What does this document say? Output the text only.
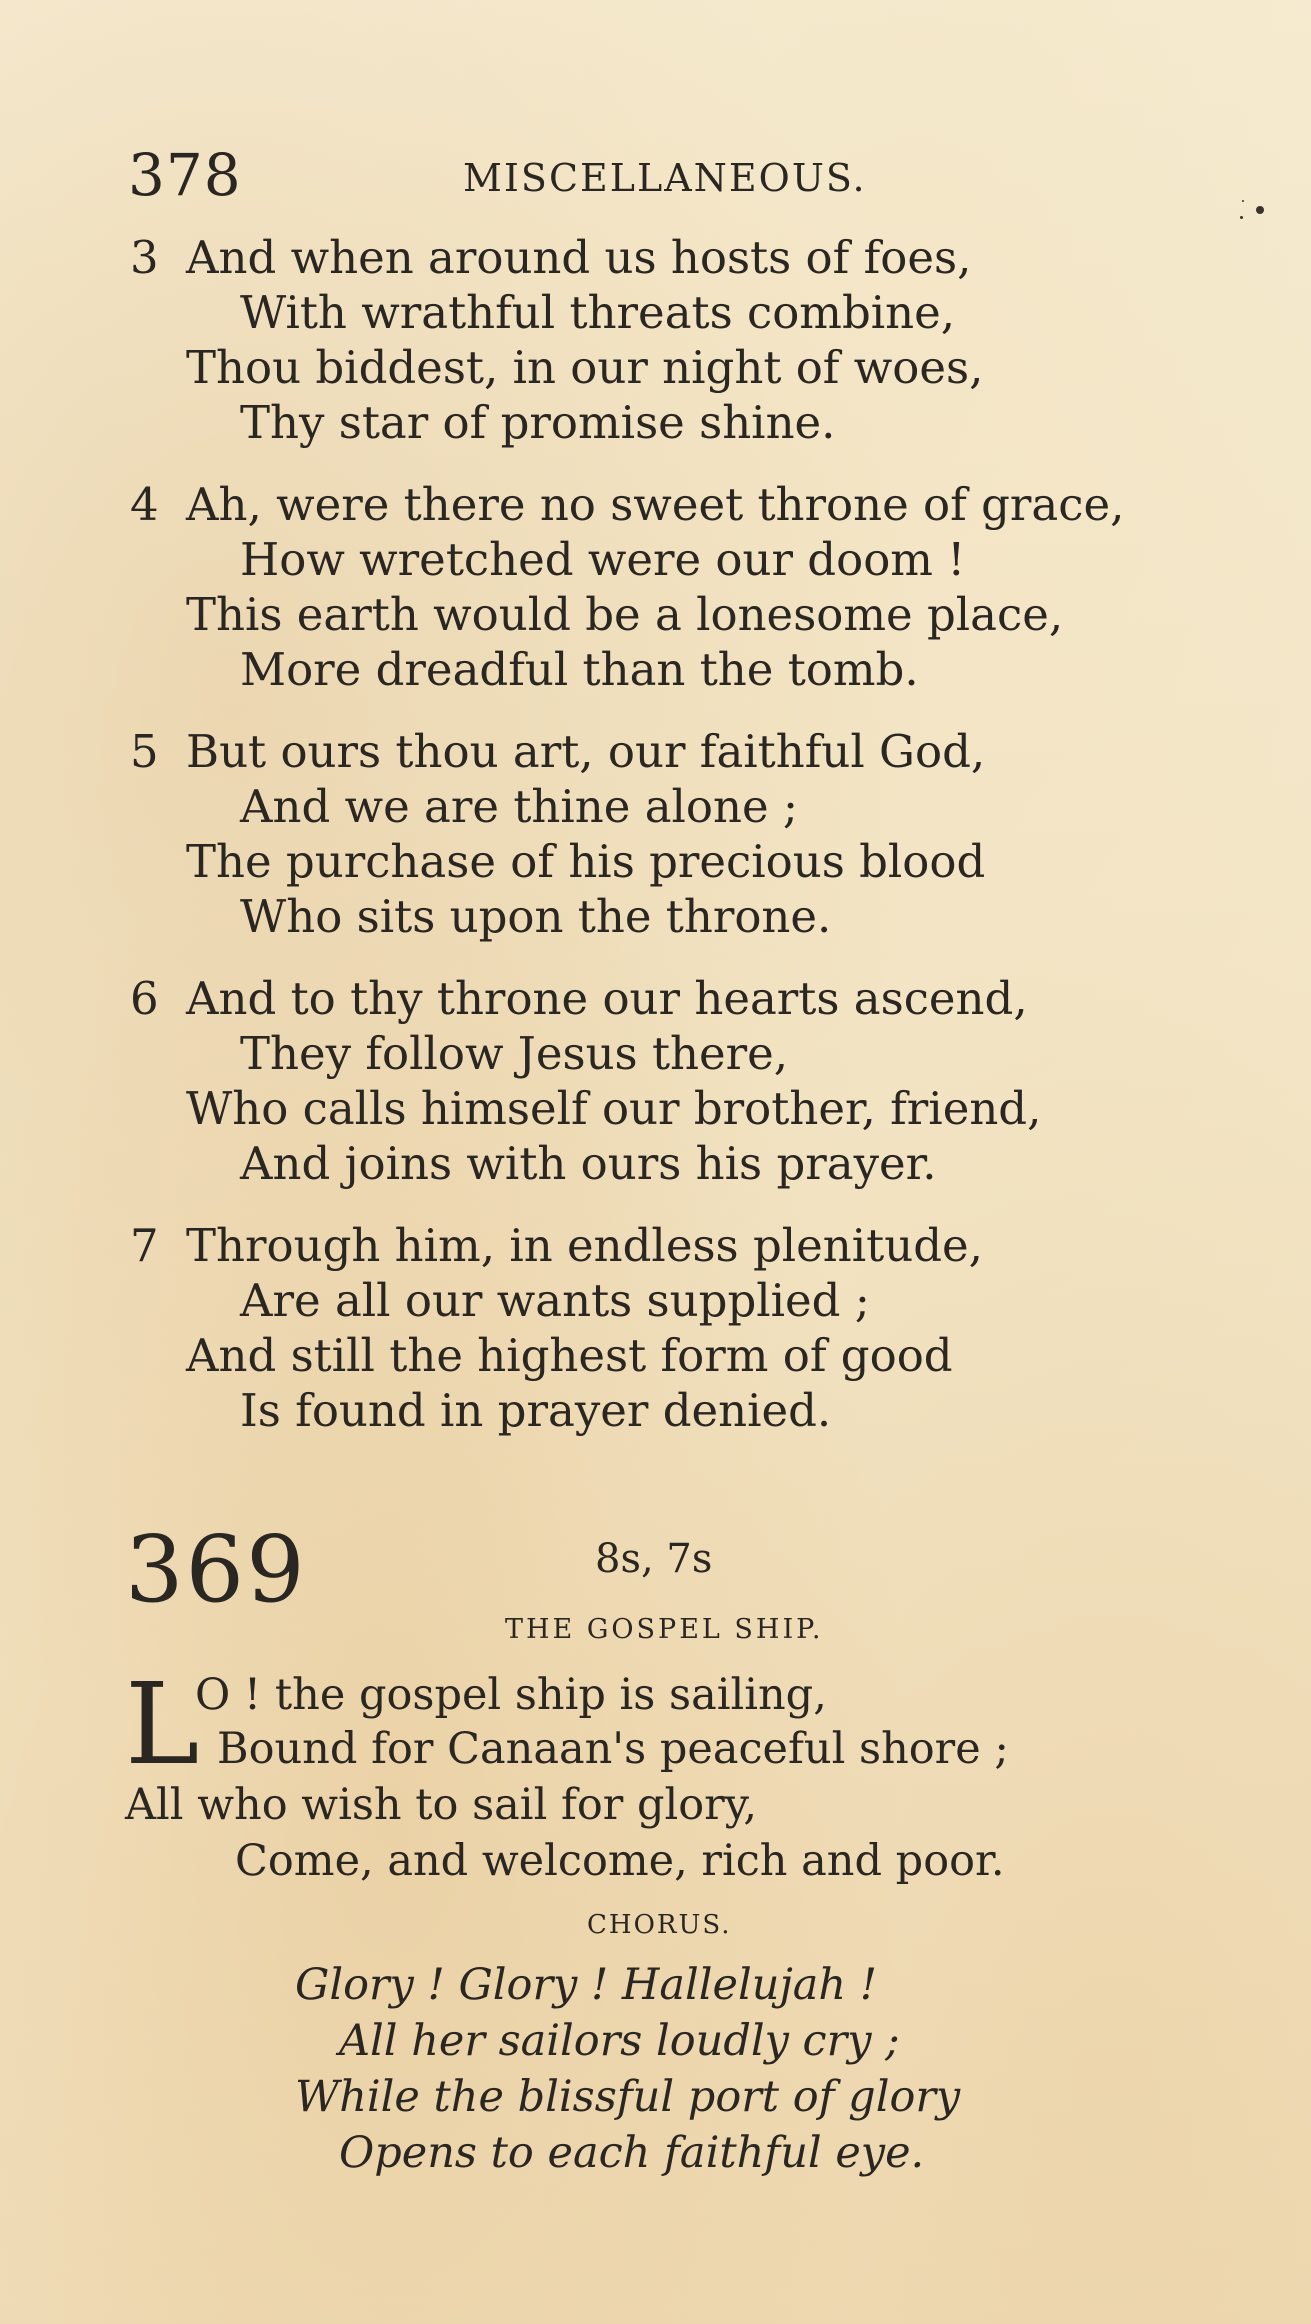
378	MISCELLANEOUS.
3 And when around us hosts of foes,
With wrathful threats combine,
Thou biddest, in our night of woes,
Thy star of promise shine.
4 Ah, were there no sweet throne of grace,
How wretched were our doom !
This earth would be a lonesome place,
More dreadful than the tomb.
5 But ours thou art, our faithful God,
And we are thine alone ;
The purchase of his precious blood
Who sits upon the throne.
6 And to thy throne our hearts ascend,
They follow Jesus there,
Who calls himself our brother, friend,
And joins with ours his prayer.
7 Through him, in endless plenitude,
Are all our wants supplied ;
And still the highest form of good
Is found in prayer denied.
369	8s, 7s
THE GOSPEL SHIP.
L
O ! the gospel ship is sailing,
Bound for Canaan's peaceful shore ;
All who wish to sail for glory,
Come, and welcome, rich and poor.
CHORUS.
Glory ! Glory ! Hallelujah !
All her sailors loudly cry ;
While the blissful port of glory
Opens to each faithful eye.
